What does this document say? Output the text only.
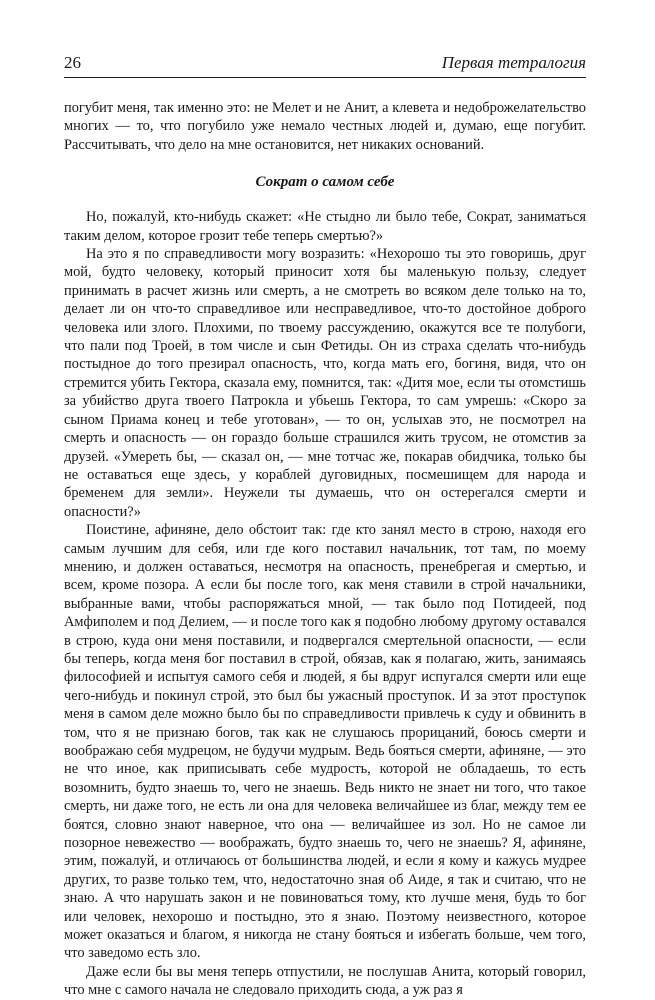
26	Первая тетралогия

погубит меня, так именно это: не Мелет и не Анит, а клевета и недоброжелательство многих — то, что погубило уже немало честных людей и, думаю, еще погубит. Рассчитывать, что дело на мне остановится, нет никаких оснований.

Сократ о самом себе

Но, пожалуй, кто-нибудь скажет: «Не стыдно ли было тебе, Сократ, заниматься таким делом, которое грозит тебе теперь смертью?»

На это я по справедливости могу возразить: «Нехорошо ты это говоришь, друг мой, будто человеку, который приносит хотя бы маленькую пользу, следует принимать в расчет жизнь или смерть, а не смотреть во всяком деле только на то, делает ли он что-то справедливое или несправедливое, что-то достойное доброго человека или злого. Плохими, по твоему рассуждению, окажутся все те полубоги, что пали под Троей, в том числе и сын Фетиды. Он из страха сделать что-нибудь постыдное до того презирал опасность, что, когда мать его, богиня, видя, что он стремится убить Гектора, сказала ему, помнится, так: «Дитя мое, если ты отомстишь за убийство друга твоего Патрокла и убьешь Гектора, то сам умрешь: «Скоро за сыном Приама конец и тебе уготован», — то он, услыхав это, не посмотрел на смерть и опасность — он гораздо больше страшился жить трусом, не отомстив за друзей. «Умереть бы, — сказал он, — мне тотчас же, покарав обидчика, только бы не оставаться еще здесь, у кораблей дуговидных, посмешищем для народа и бременем для земли». Неужели ты думаешь, что он остерегался смерти и опасности?»

Поистине, афиняне, дело обстоит так: где кто занял место в строю, находя его самым лучшим для себя, или где кого поставил начальник, тот там, по моему мнению, и должен оставаться, несмотря на опасность, пренебрегая и смертью, и всем, кроме позора. А если бы после того, как меня ставили в строй начальники, выбранные вами, чтобы распоряжаться мной, — так было под Потидеей, под Амфиполем и под Делием, — и после того как я подобно любому другому оставался в строю, куда они меня поставили, и подвергался смертельной опасности, — если бы теперь, когда меня бог поставил в строй, обязав, как я полагаю, жить, занимаясь философией и испытуя самого себя и людей, я бы вдруг испугался смерти или еще чего-нибудь и покинул строй, это был бы ужасный проступок. И за этот проступок меня в самом деле можно было бы по справедливости привлечь к суду и обвинить в том, что я не признаю богов, так как не слушаюсь прорицаний, боюсь смерти и воображаю себя мудрецом, не будучи мудрым. Ведь бояться смерти, афиняне, — это не что иное, как приписывать себе мудрость, которой не обладаешь, то есть возомнить, будто знаешь то, чего не знаешь. Ведь никто не знает ни того, что такое смерть, ни даже того, не есть ли она для человека величайшее из благ, между тем ее боятся, словно знают наверное, что она — величайшее из зол. Но не самое ли позорное невежество — воображать, будто знаешь то, чего не знаешь? Я, афиняне, этим, пожалуй, и отличаюсь от большинства людей, и если я кому и кажусь мудрее других, то разве только тем, что, недостаточно зная об Аиде, я так и считаю, что не знаю. А что нарушать закон и не повиноваться тому, кто лучше меня, будь то бог или человек, нехорошо и постыдно, это я знаю. Поэтому неизвестного, которое может оказаться и благом, я никогда не стану бояться и избегать больше, чем того, что заведомо есть зло.

Даже если бы вы меня теперь отпустили, не послушав Анита, который говорил, что мне с самого начала не следовало приходить сюда, а уж раз я
